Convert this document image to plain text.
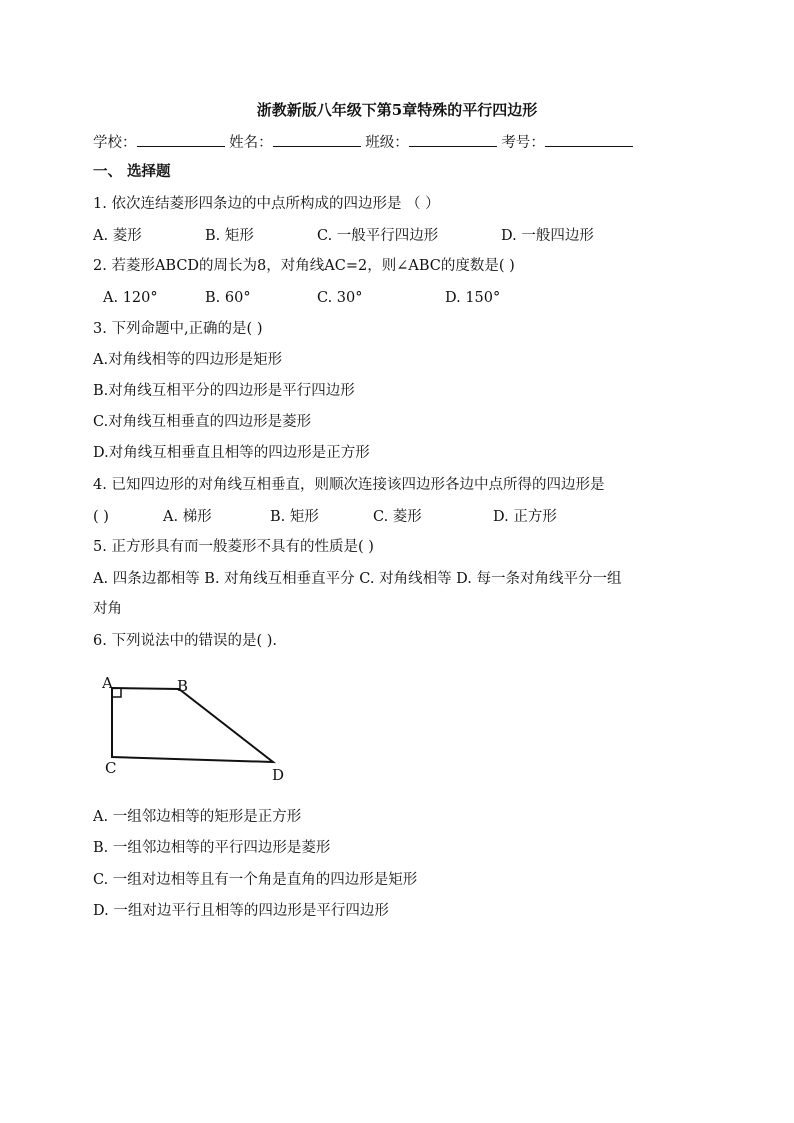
浙教新版八年级下第5章特殊的平行四边形
学校：	姓名：	班级：	考号：
一、 选择题
1. 依次连结菱形四条边的中点所构成的四边形是 （ ）
A. 菱形	B. 矩形	C. 一般平行四边形	D. 一般四边形
2. 若菱形ABCD的周长为8，对角线AC=2，则∠ABC的度数是( )
A. 120°	B. 60°	C. 30°	D. 150°
3. 下列命题中,正确的是( )
A.对角线相等的四边形是矩形
B.对角线互相平分的四边形是平行四边形
C.对角线互相垂直的四边形是菱形
D.对角线互相垂直且相等的四边形是正方形
4. 已知四边形的对角线互相垂直，则顺次连接该四边形各边中点所得的四边形是
( )	A. 梯形	B. 矩形	C. 菱形	D. 正方形
5. 正方形具有而一般菱形不具有的性质是( )
A. 四条边都相等 B. 对角线互相垂直平分 C. 对角线相等 D. 每一条对角线平分一组
对角
6. 下列说法中的错误的是( ).
A	B
C	D
A. 一组邻边相等的矩形是正方形
B. 一组邻边相等的平行四边形是菱形
C. 一组对边相等且有一个角是直角的四边形是矩形
D. 一组对边平行且相等的四边形是平行四边形
